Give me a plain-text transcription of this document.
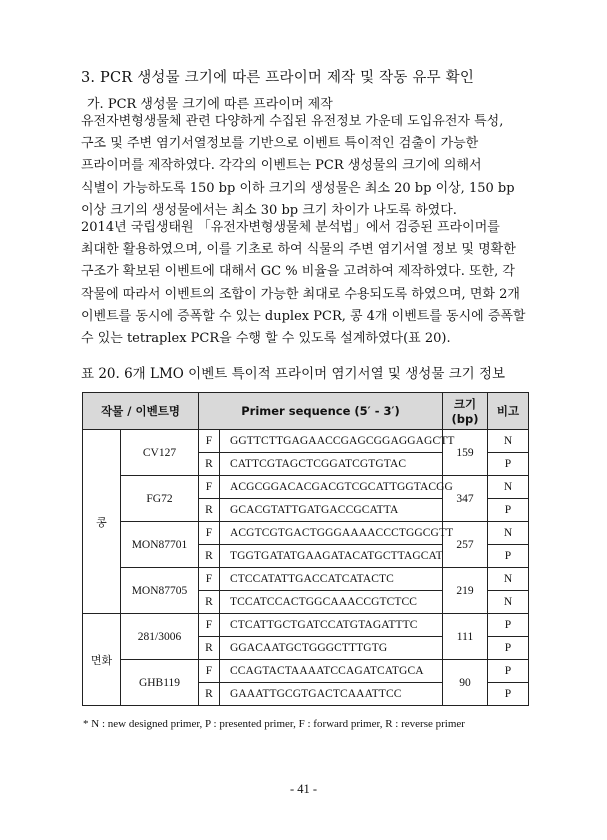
3. PCR 생성물 크기에 따른 프라이머 제작 및 작동 유무 확인
가. PCR 생성물 크기에 따른 프라이머 제작
유전자변형생물체 관련 다양하게 수집된 유전정보 가운데 도입유전자 특성,
구조 및 주변 염기서열정보를 기반으로 이벤트 특이적인 검출이 가능한
프라이머를 제작하였다. 각각의 이벤트는 PCR 생성물의 크기에 의해서
식별이 가능하도록 150 bp 이하 크기의 생성물은 최소 20 bp 이상, 150 bp
이상 크기의 생성물에서는 최소 30 bp 크기 차이가 나도록 하였다.
2014년 국립생태원 「유전자변형생물체 분석법」에서 검증된 프라이머를
최대한 활용하였으며, 이를 기초로 하여 식물의 주변 염기서열 정보 및 명확한
구조가 확보된 이벤트에 대해서 GC % 비율을 고려하여 제작하였다. 또한, 각
작물에 따라서 이벤트의 조합이 가능한 최대로 수용되도록 하였으며, 면화 2개
이벤트를 동시에 증폭할 수 있는 duplex PCR, 콩 4개 이벤트를 동시에 증폭할
수 있는 tetraplex PCR을 수행 할 수 있도록 설계하였다(표 20).
표 20. 6개 LMO 이벤트 특이적 프라이머 염기서열 및 생성물 크기 정보
작물 / 이벤트명		Primer sequence (5′ - 3′)		크기
(bp)	비고
콩	CV127	F	GGTTCTTGAGAACCGAGCGGAGGAGCTT	159	N
		R	CATTCGTAGCTCGGATCGTGTAC		P
	FG72	F	ACGCGGACACGACGTCGCATTGGTACGG	347	N
		R	GCACGTATTGATGACCGCATTA		P
	MON87701	F	ACGTCGTGACTGGGAAAACCCTGGCGTT	257	N
		R	TGGTGATATGAAGATACATGCTTAGCAT		P
	MON87705	F	CTCCATATTGACCATCATACTC	219	N
		R	TCCATCCACTGGCAAACCGTCTCC		N
면화	281/3006	F	CTCATTGCTGATCCATGTAGATTTC	111	P
		R	GGACAATGCTGGGCTTTGTG		P
	GHB119	F	CCAGTACTAAAATCCAGATCATGCA	90	P
		R	GAAATTGCGTGACTCAAATTCC		P
* N : new designed primer, P : presented primer, F : forward primer, R : reverse primer
- 41 -
